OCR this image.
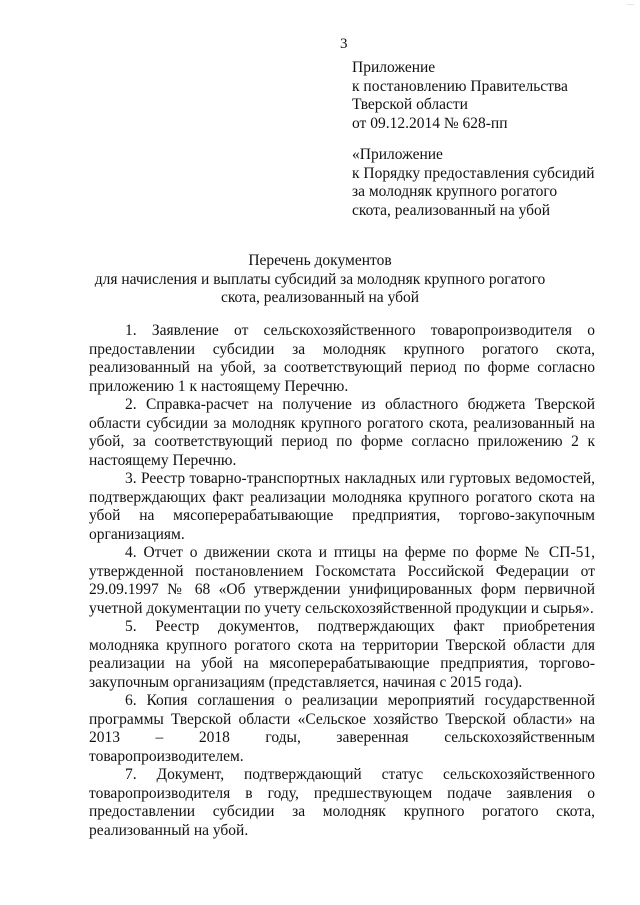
—
3
Приложение
к постановлению Правительства
Тверской области
от 09.12.2014 № 628-пп
«Приложение
к Порядку предоставления субсидий
за молодняк крупного рогатого
скота, реализованный на убой
Перечень документов
для начисления и выплаты субсидий за молодняк крупного рогатого
скота, реализованный на убой

1. Заявление от сельскохозяйственного товаропроизводителя о предоставлении субсидии за молодняк крупного рогатого скота, реализованный на убой, за соответствующий период по форме согласно приложению 1 к настоящему Перечню.

2. Справка-расчет на получение из областного бюджета Тверской области субсидии за молодняк крупного рогатого скота, реализованный на убой, за соответствующий период по форме согласно приложению 2 к настоящему Перечню.

3. Реестр товарно-транспортных накладных или гуртовых ведомостей, подтверждающих факт реализации молодняка крупного рогатого скота на убой на мясоперерабатывающие предприятия, торгово-закупочным организациям.

4. Отчет о движении скота и птицы на ферме по форме № СП-51, утвержденной постановлением Госкомстата Российской Федерации от 29.09.1997 № 68 «Об утверждении унифицированных форм первичной учетной документации по учету сельскохозяйственной продукции и сырья».

5. Реестр документов, подтверждающих факт приобретения молодняка крупного рогатого скота на территории Тверской области для реализации на убой на мясоперерабатывающие предприятия, торгово-закупочным организациям (представляется, начиная с 2015 года).

6. Копия соглашения о реализации мероприятий государственной программы Тверской области «Сельское хозяйство Тверской области» на 2013 – 2018 годы, заверенная сельскохозяйственным товаропроизводителем.

7. Документ, подтверждающий статус сельскохозяйственного товаропроизводителя в году, предшествующем подаче заявления о предоставлении субсидии за молодняк крупного рогатого скота, реализованный на убой.
